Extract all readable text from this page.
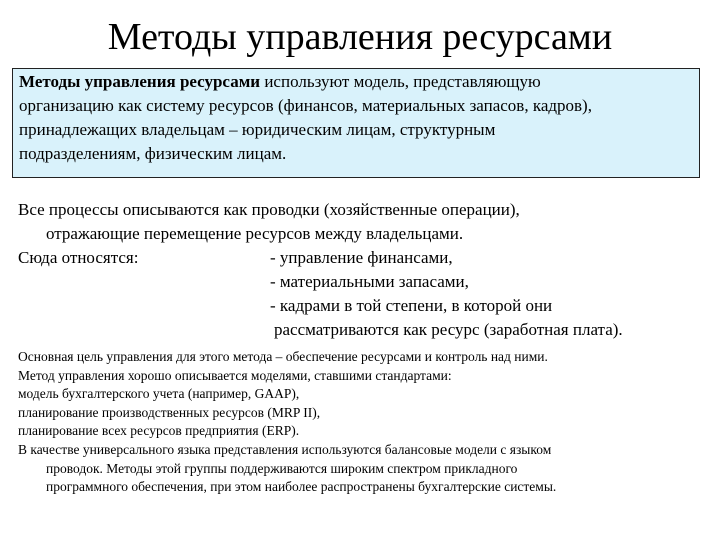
Методы управления ресурсами
Методы управления ресурсами используют модель, представляющую
организацию как систему ресурсов (финансов, материальных запасов, кадров),
принадлежащих владельцам – юридическим лицам, структурным
подразделениям, физическим лицам.
Все процессы описываются как проводки (хозяйственные операции),
отражающие перемещение ресурсов между владельцами.
Сюда относятся:	- управление финансами,
- материальными запасами,
- кадрами в той степени, в которой они
рассматриваются как ресурс (заработная плата).
Основная цель управления для этого метода – обеспечение ресурсами и контроль над ними.
Метод управления хорошо описывается моделями, ставшими стандартами:
модель бухгалтерского учета (например, GAAP),
планирование производственных ресурсов (MRP II),
планирование всех ресурсов предприятия (ERP).
В качестве универсального языка представления используются балансовые модели с языком
проводок. Методы этой группы поддерживаются широким спектром прикладного
программного обеспечения, при этом наиболее распространены бухгалтерские системы.
